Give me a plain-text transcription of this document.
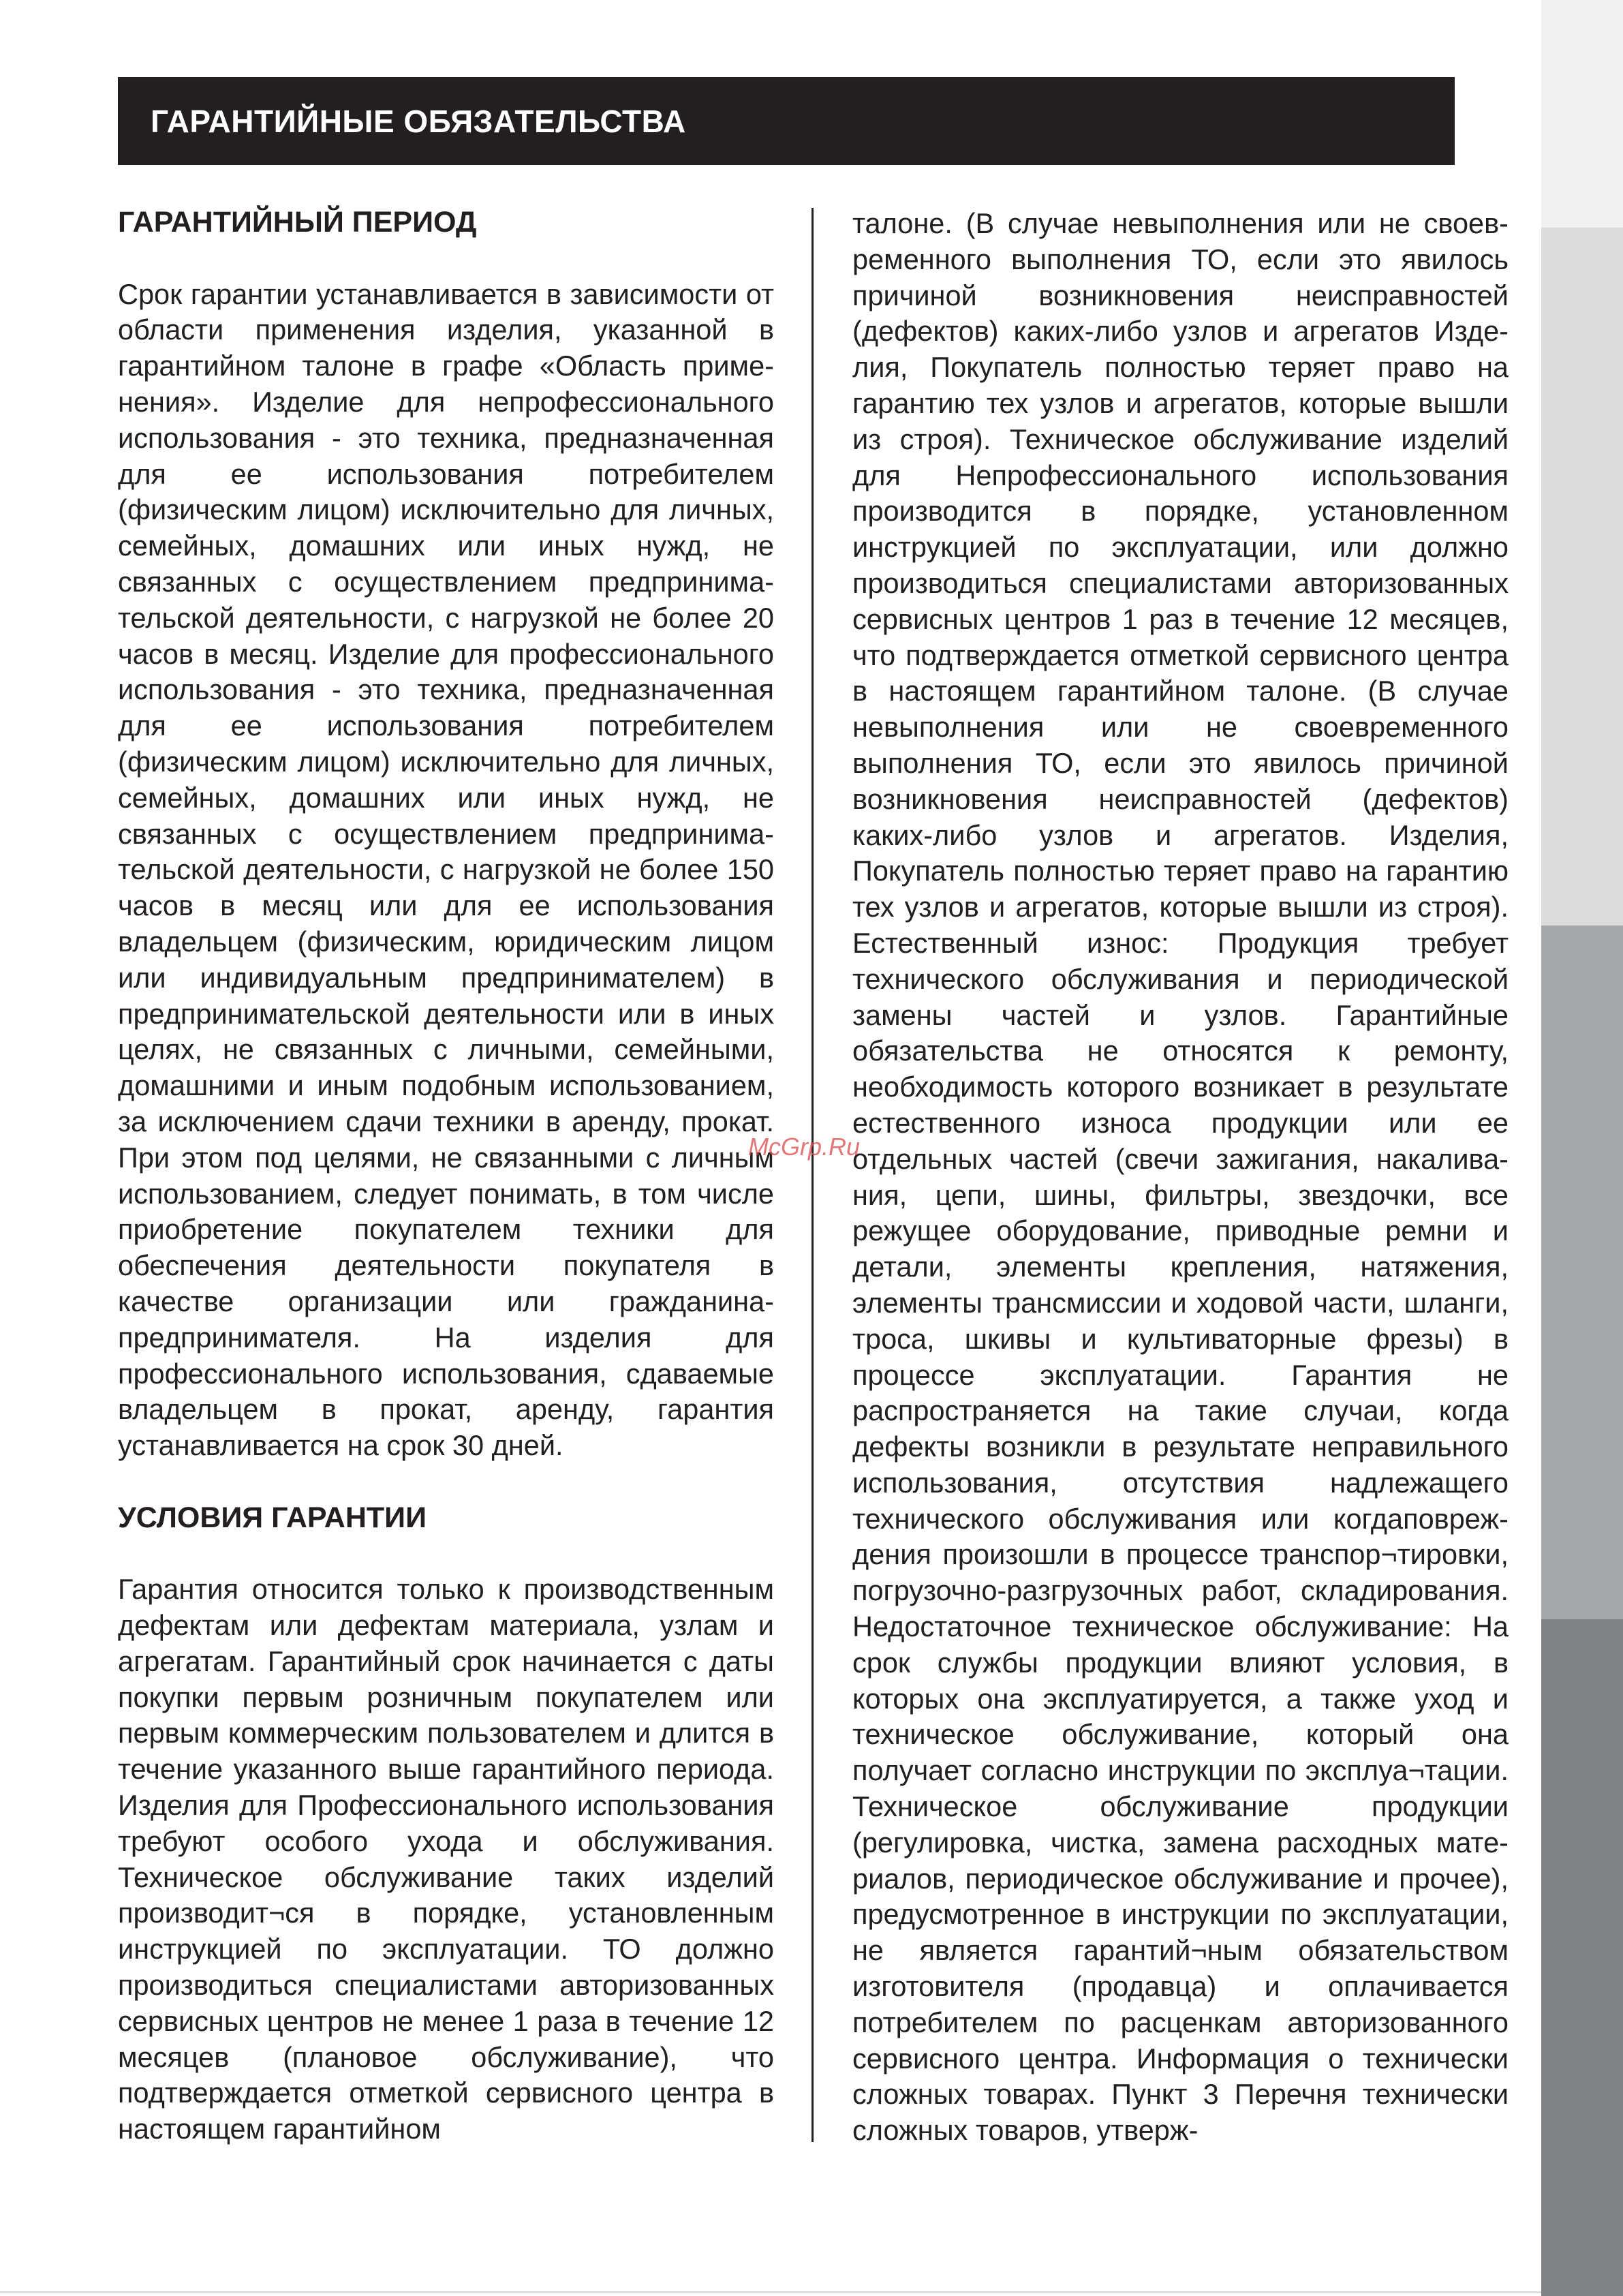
ГАРАНТИЙНЫЕ ОБЯЗАТЕЛЬСТВА
ГАРАНТИЙНЫЙ ПЕРИОД

Срок гарантии устанавливается в зависимости от области применения изделия, указанной в гарантийном талоне в графе «Область применения». Изделие для непрофессионального использования - это техника, предназначенная для ее использования потребителем (физическим лицом) исключительно для личных, семейных, домашних или иных нужд, не связанных с осуществлением предпринимательской деятельности, с нагрузкой не более 20 часов в месяц. Изделие для профессионального использования - это техника, предназначенная для ее использования потребителем (физическим лицом) исключительно для личных, семейных, домашних или иных нужд, не связанных с осуществлением предпринимательской деятельности, с нагрузкой не более 150 часов в месяц или для ее использования владельцем (физическим, юридическим лицом или индивидуальным предпринимателем) в предпринимательской деятельности или в иных целях, не связанных с личными, семейными, домашними и иным подобным использованием, за исключением сдачи техники в аренду, прокат. При этом под целями, не связанными с личным использованием, следует понимать, в том числе приобретение покупателем техники для обеспечения деятельности покупателя в качестве организации или гражданина-предпринимателя. На изделия для профессионального использования, сдаваемые владельцем в прокат, аренду, гарантия устанавливается на срок 30 дней.

УСЛОВИЯ ГАРАНТИИ

Гарантия относится только к производственным дефектам или дефектам материала, узлам и агрегатам. Гарантийный срок начинается с даты покупки первым розничным покупателем или первым коммерческим пользователем и длится в течение указанного выше гарантийного периода. Изделия для Профессионального использования требуют особого ухода и обслуживания. Техническое обслуживание таких изделий производит¬ся в порядке, установленным инструкцией по эксплуатации. ТО должно производиться специалистами авторизованных сервисных центров не менее 1 раза в течение 12 месяцев (плановое обслуживание), что подтверждается отметкой сервисного центра в настоящем гарантийном

талоне. (В случае невыполнения или не своевременного выполнения ТО, если это явилось причиной возникновения неисправностей (дефектов) каких-либо узлов и агрегатов Изделия, Покупатель полностью теряет право на гарантию тех узлов и агрегатов, которые вышли из строя). Техническое обслуживание изделий для Непрофессионального использования производится в порядке, установленном инструкцией по эксплуатации, или должно производиться специалистами авторизованных сервисных центров 1 раз в течение 12 месяцев, что подтверждается отметкой сервисного центра в настоящем гарантийном талоне. (В случае невыполнения или не своевременного выполнения ТО, если это явилось причиной возникновения неисправностей (дефектов) каких-либо узлов и агрегатов. Изделия, Покупатель полностью теряет право на гарантию тех узлов и агрегатов, которые вышли из строя). Естественный износ: Продукция требует технического обслуживания и периодической замены частей и узлов. Гарантийные обязательства не относятся к ремонту, необходимость которого возникает в результате естественного износа продукции или ее отдельных частей (свечи зажигания, накаливания, цепи, шины, фильтры, звездочки, все режущее оборудование, приводные ремни и детали, элементы крепления, натяжения, элементы трансмиссии и ходовой части, шланги, троса, шкивы и культиваторные фрезы) в процессе эксплуатации. Гарантия не распространяется на такие случаи, когда дефекты возникли в результате неправильного использования, отсутствия надлежащего технического обслуживания или когдаповреждения произошли в процессе транспор¬тировки, погрузочно-разгрузочных работ, складирования. Недостаточное техническое обслуживание: На срок службы продукции влияют условия, в которых она эксплуатируется, а также уход и техническое обслуживание, который она получает согласно инструкции по эксплуа¬тации. Техническое обслуживание продукции (регулировка, чистка, замена расходных материалов, периодическое обслуживание и прочее), предусмотренное в инструкции по эксплуатации, не является гарантий¬ным обязательством изготовителя (продавца) и оплачивается потребителем по расценкам авторизованного сервисного центра. Информация о технически сложных товарах. Пункт 3 Перечня технически сложных товаров, утверж-

McGrp.Ru
